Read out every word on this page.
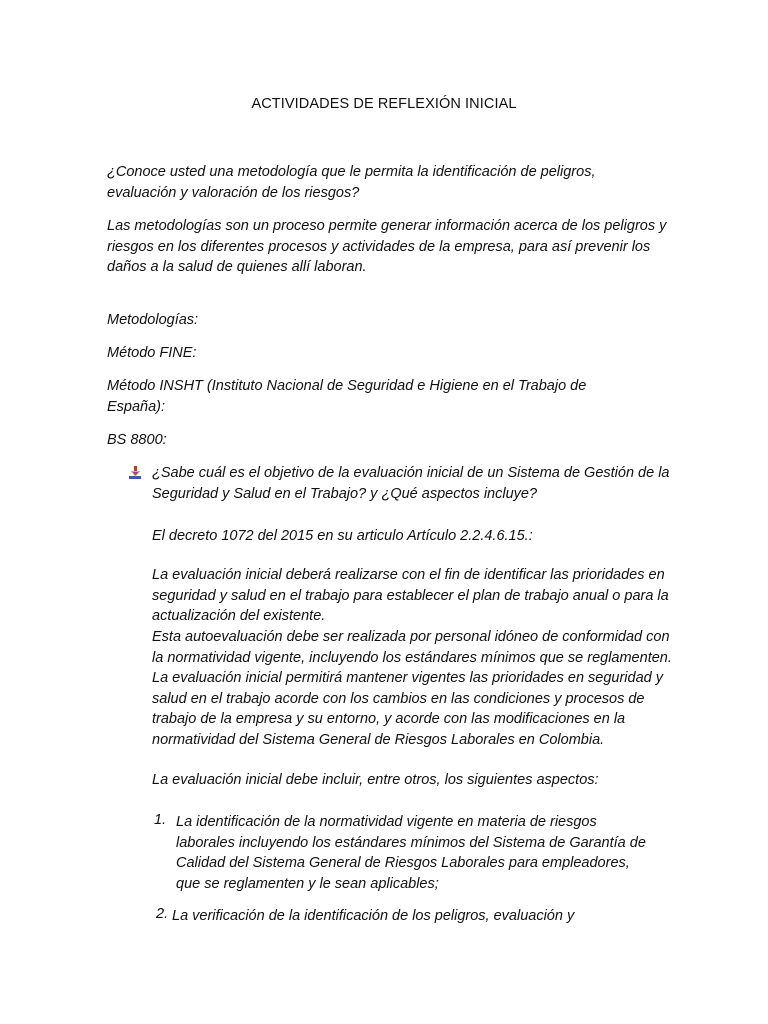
ACTIVIDADES DE REFLEXIÓN INICIAL

¿Conoce usted una metodología que le permita la identificación de peligros, evaluación y valoración de los riesgos?

Las metodologías son un proceso permite generar información acerca de los peligros y riesgos en los diferentes procesos y actividades de la empresa, para así prevenir los daños a la salud de quienes allí laboran.

Metodologías:

Método FINE:

Método INSHT (Instituto Nacional de Seguridad e Higiene en el Trabajo de
España):

BS 8800:

¿Sabe cuál es el objetivo de la evaluación inicial de un Sistema de Gestión de la Seguridad y Salud en el Trabajo? y ¿Qué aspectos incluye?

El decreto 1072 del 2015 en su articulo Artículo 2.2.4.6.15.:

La evaluación inicial deberá realizarse con el fin de identificar las prioridades en seguridad y salud en el trabajo para establecer el plan de trabajo anual o para la actualización del existente.

Esta autoevaluación debe ser realizada por personal idóneo de conformidad con la normatividad vigente, incluyendo los estándares mínimos que se reglamenten. La evaluación inicial permitirá mantener vigentes las prioridades en seguridad y salud en el trabajo acorde con los cambios en las condiciones y procesos de trabajo de la empresa y su entorno, y acorde con las modificaciones en la normatividad del Sistema General de Riesgos Laborales en Colombia.

La evaluación inicial debe incluir, entre otros, los siguientes aspectos:

1. La identificación de la normatividad vigente en materia de riesgos laborales incluyendo los estándares mínimos del Sistema de Garantía de Calidad del Sistema General de Riesgos Laborales para empleadores, que se reglamenten y le sean aplicables;
2. La verificación de la identificación de los peligros, evaluación y
